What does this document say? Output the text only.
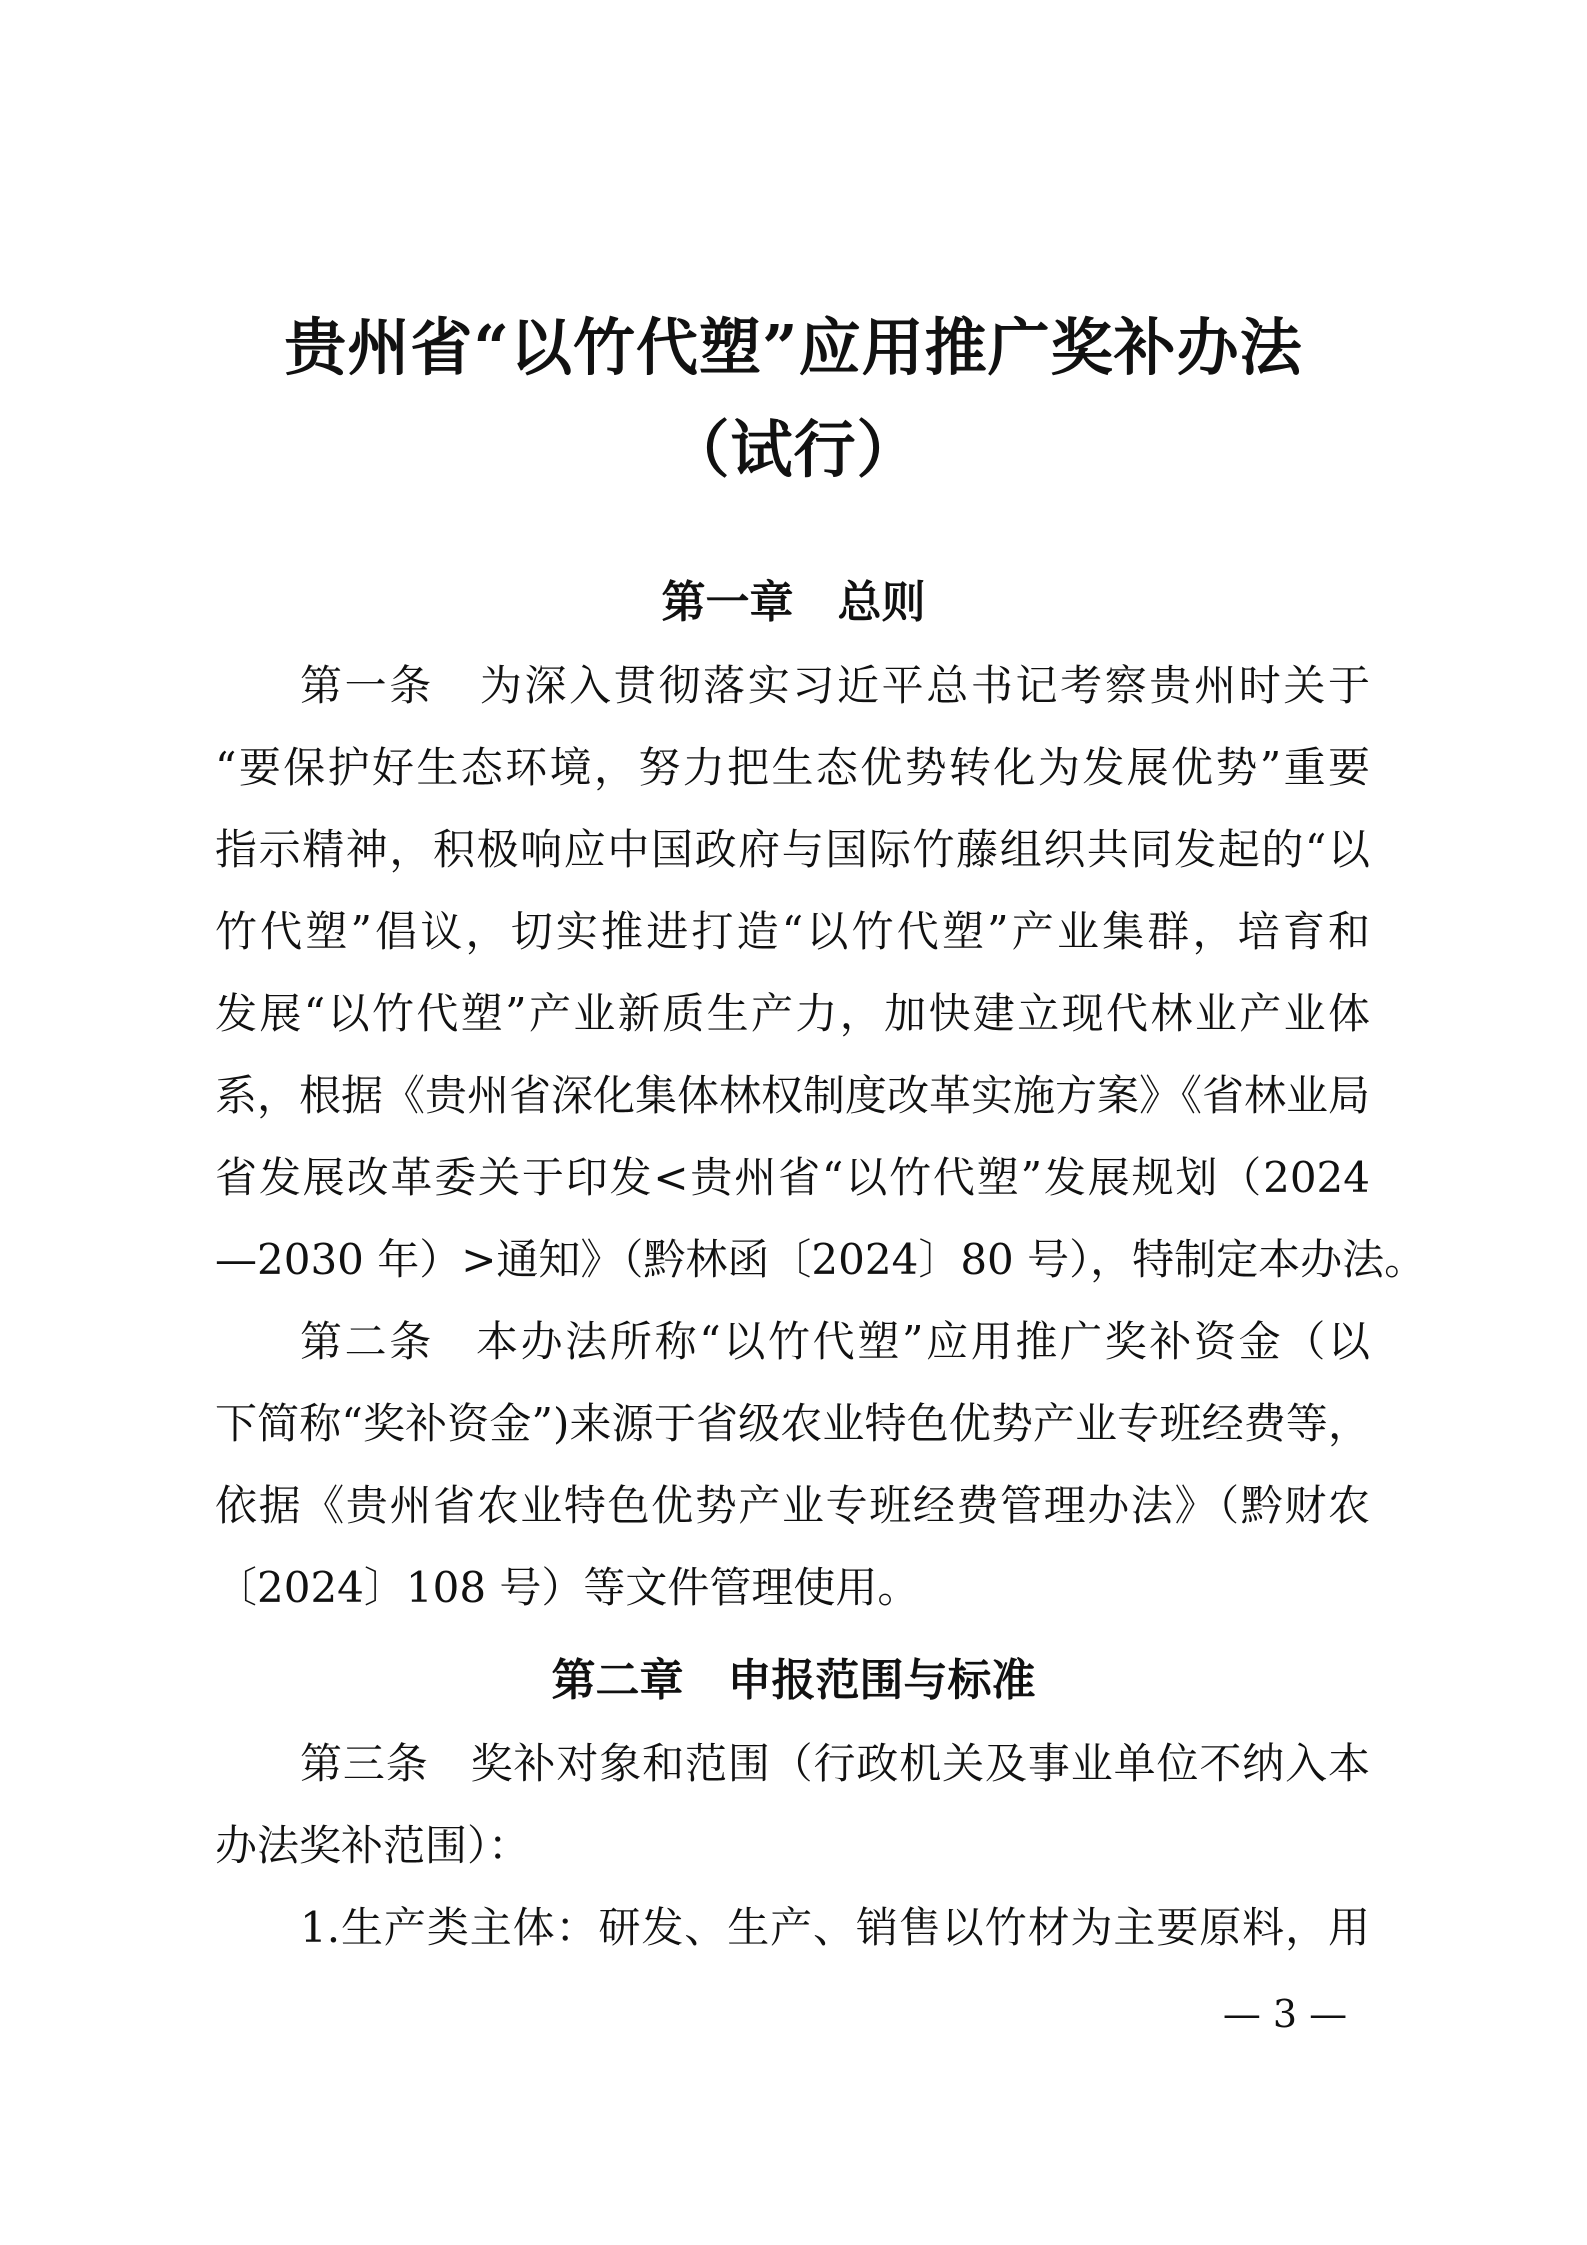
贵州省“以竹代塑”应用推广奖补办法
（试行）
第一章 总则
第一条 为深入贯彻落实习近平总书记考察贵州时关于
“要保护好生态环境，努力把生态优势转化为发展优势”重要
指示精神，积极响应中国政府与国际竹藤组织共同发起的“以
竹代塑”倡议，切实推进打造“以竹代塑”产业集群，培育和
发展“以竹代塑”产业新质生产力，加快建立现代林业产业体
系，根据《贵州省深化集体林权制度改革实施方案》《省林业局
省发展改革委关于印发<贵州省“以竹代塑”发展规划（2024
—2030 年）>通知》（黔林函〔2024〕80 号），特制定本办法。
第二条 本办法所称“以竹代塑”应用推广奖补资金（以
下简称“奖补资金”)来源于省级农业特色优势产业专班经费等，
依据《贵州省农业特色优势产业专班经费管理办法》（黔财农
〔2024〕108 号）等文件管理使用。
第二章 申报范围与标准
第三条 奖补对象和范围（行政机关及事业单位不纳入本
办法奖补范围）：
1.生产类主体：研发、生产、销售以竹材为主要原料，用
— 3 —
